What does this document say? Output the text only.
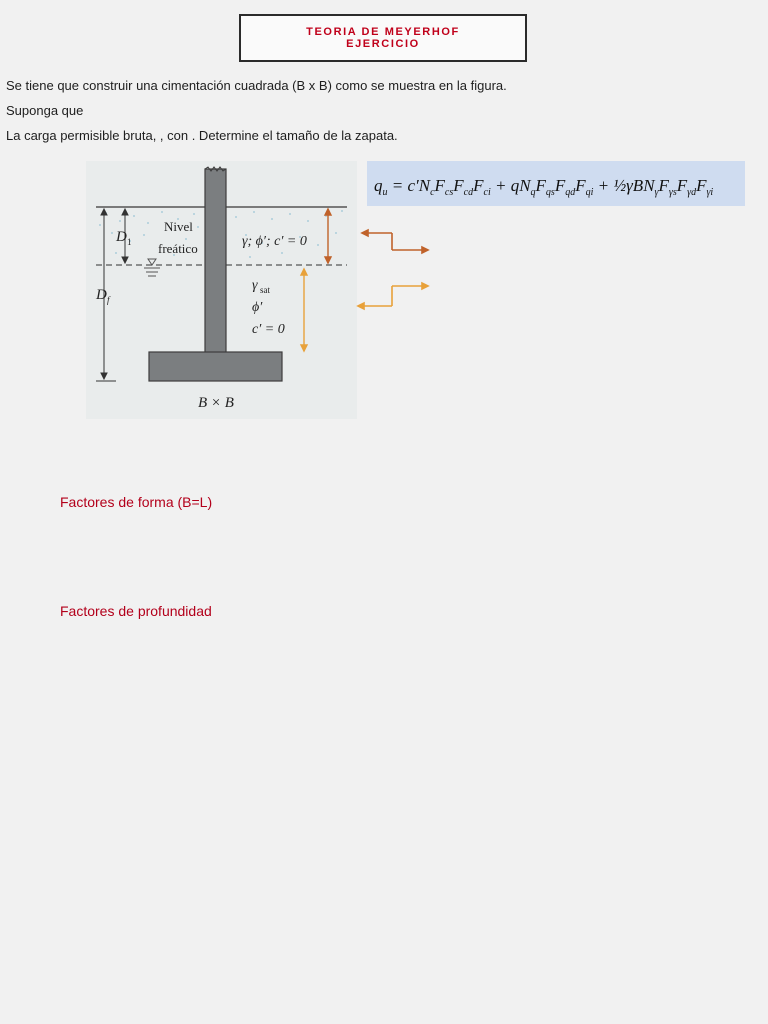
TEORIA DE MEYERHOF
EJERCICIO
Se tiene que construir una cimentación cuadrada (B x B) como se muestra en la figura.
Suponga que
La carga permisible bruta, , con . Determine el tamaño de la zapata.
Nivel
freático
D 1
D f
γ; ϕ′; c′ = 0
γ sat
ϕ′
c′ = 0
B × B
$q_u = c'N_cF_{cs}F_{cd}F_{ci} + qN_qF_{qs}F_{qd}F_{qi}$ + $\frac{1}{2}\gamma BN_\gamma F_{\gamma s}F_{\gamma d}F_{\gamma i}$
Factores de forma (B=L)
Factores de profundidad
